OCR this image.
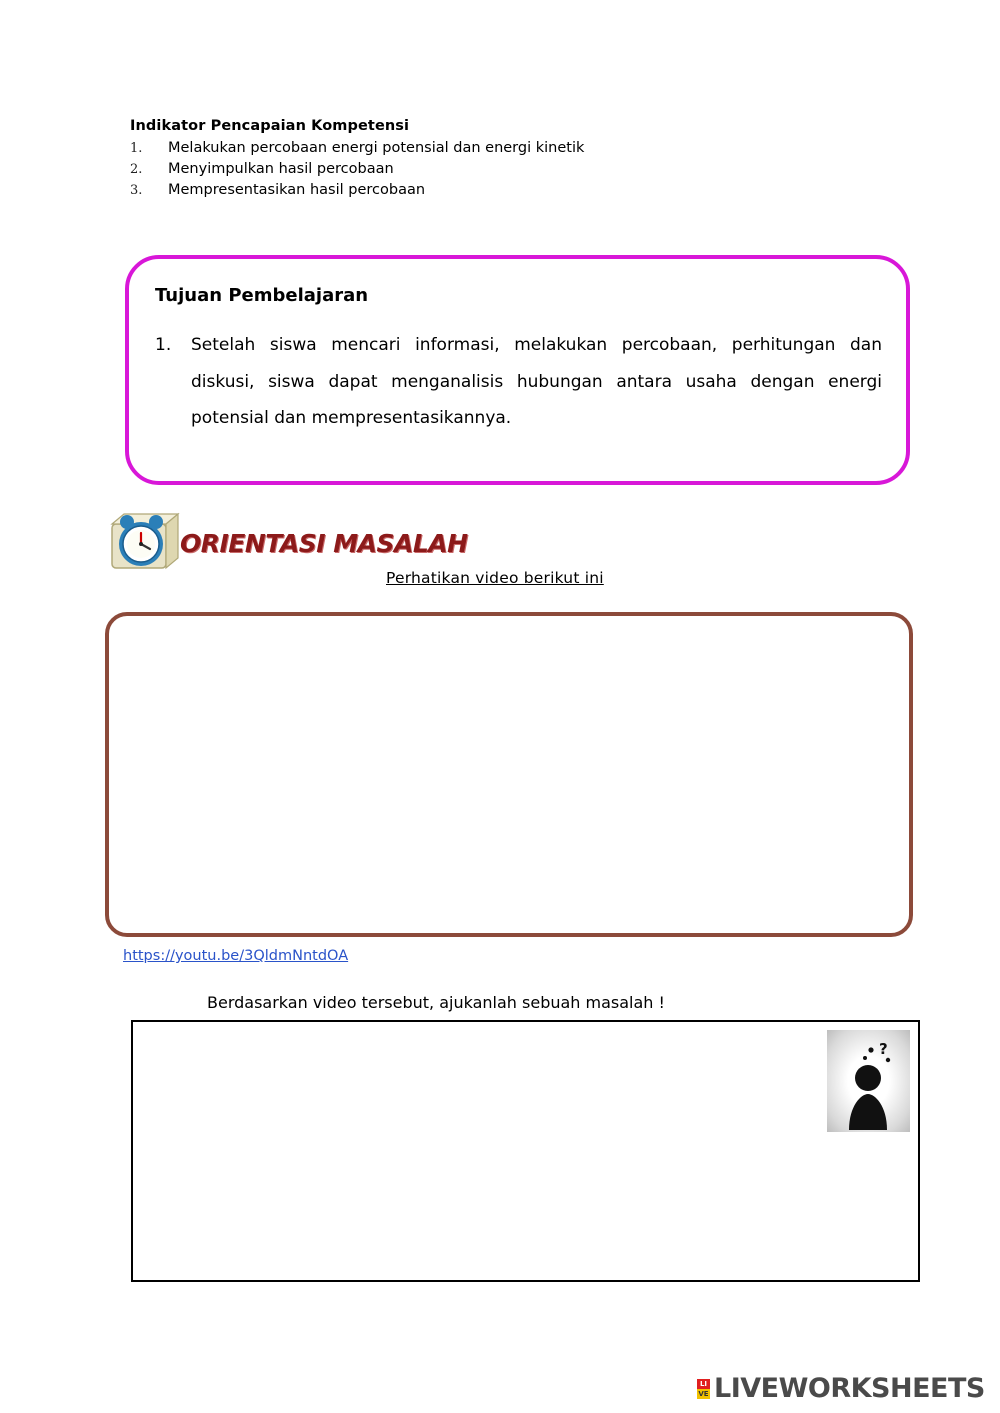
Indikator Pencapaian Kompetensi
1.	Melakukan percobaan energi potensial dan energi kinetik
2.	Menyimpulkan hasil percobaan
3.	Mempresentasikan hasil percobaan
Tujuan Pembelajaran
1.	Setelah siswa mencari informasi, melakukan percobaan, perhitungan dan diskusi, siswa dapat menganalisis hubungan antara usaha dengan energi potensial dan mempresentasikannya.
ORIENTASI MASALAH
Perhatikan video berikut ini
https://youtu.be/3QldmNntdOA
Berdasarkan video tersebut, ajukanlah sebuah masalah !
?
LI
VE LIVEWORKSHEETS
